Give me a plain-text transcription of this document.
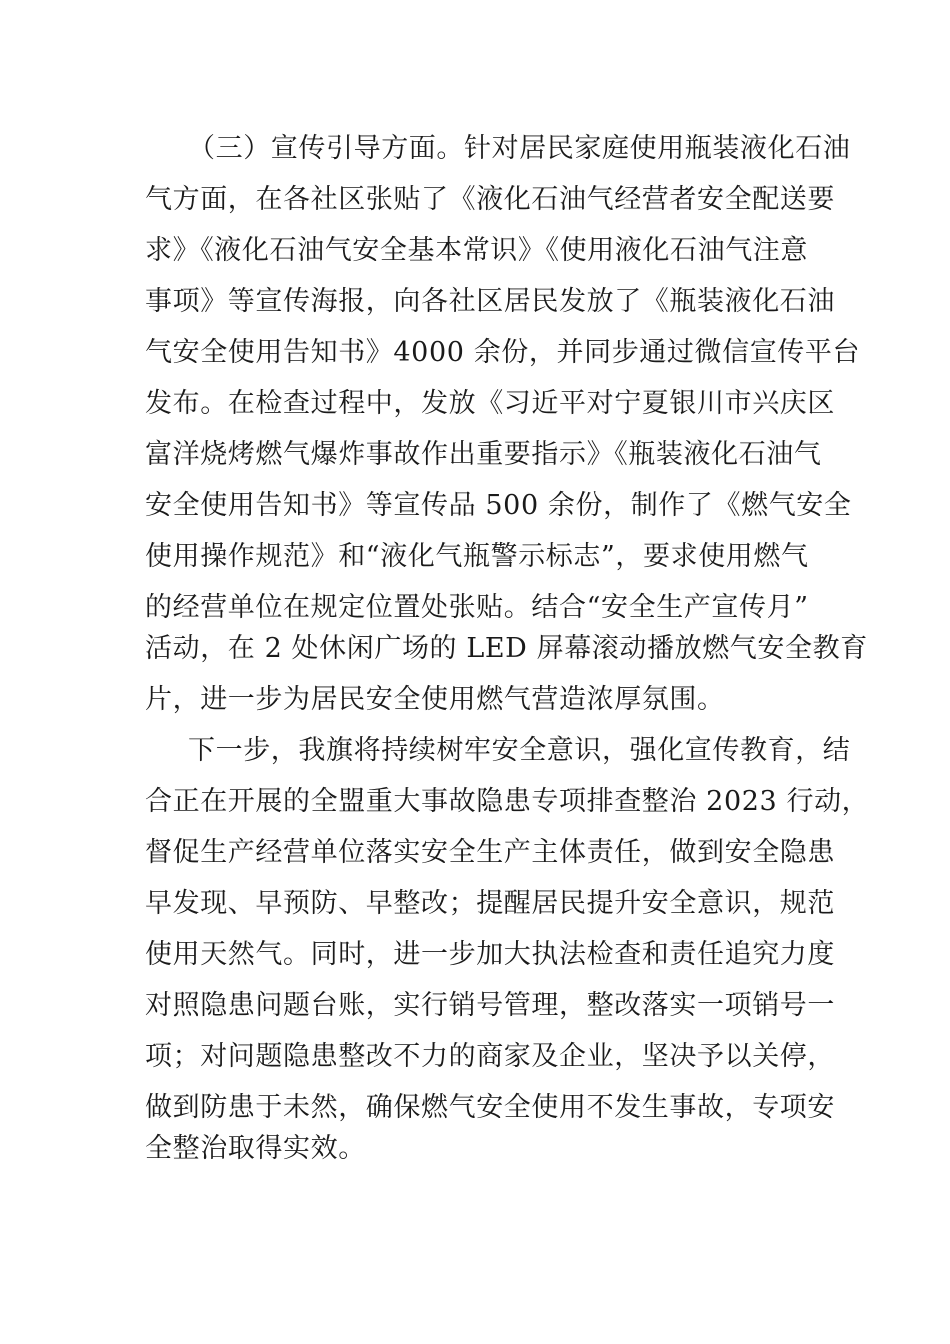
（三）宣传引导方面。针对居民家庭使用瓶装液化石油
气方面，在各社区张贴了《液化石油气经营者安全配送要
求》《液化石油气安全基本常识》《使用液化石油气注意
事项》等宣传海报，向各社区居民发放了《瓶装液化石油
气安全使用告知书》4000 余份，并同步通过微信宣传平台
发布。在检查过程中，发放《习近平对宁夏银川市兴庆区
富洋烧烤燃气爆炸事故作出重要指示》《瓶装液化石油气
安全使用告知书》等宣传品 500 余份，制作了《燃气安全
使用操作规范》和“液化气瓶警示标志”，要求使用燃气
的经营单位在规定位置处张贴。结合“安全生产宣传月”
活动，在 2 处休闲广场的 LED 屏幕滚动播放燃气安全教育
片，进一步为居民安全使用燃气营造浓厚氛围。
下一步，我旗将持续树牢安全意识，强化宣传教育，结
合正在开展的全盟重大事故隐患专项排查整治 2023 行动，
督促生产经营单位落实安全生产主体责任，做到安全隐患
早发现、早预防、早整改；提醒居民提升安全意识，规范
使用天然气。同时，进一步加大执法检查和责任追究力度
对照隐患问题台账，实行销号管理，整改落实一项销号一
项；对问题隐患整改不力的商家及企业，坚决予以关停，
做到防患于未然，确保燃气安全使用不发生事故，专项安
全整治取得实效。
